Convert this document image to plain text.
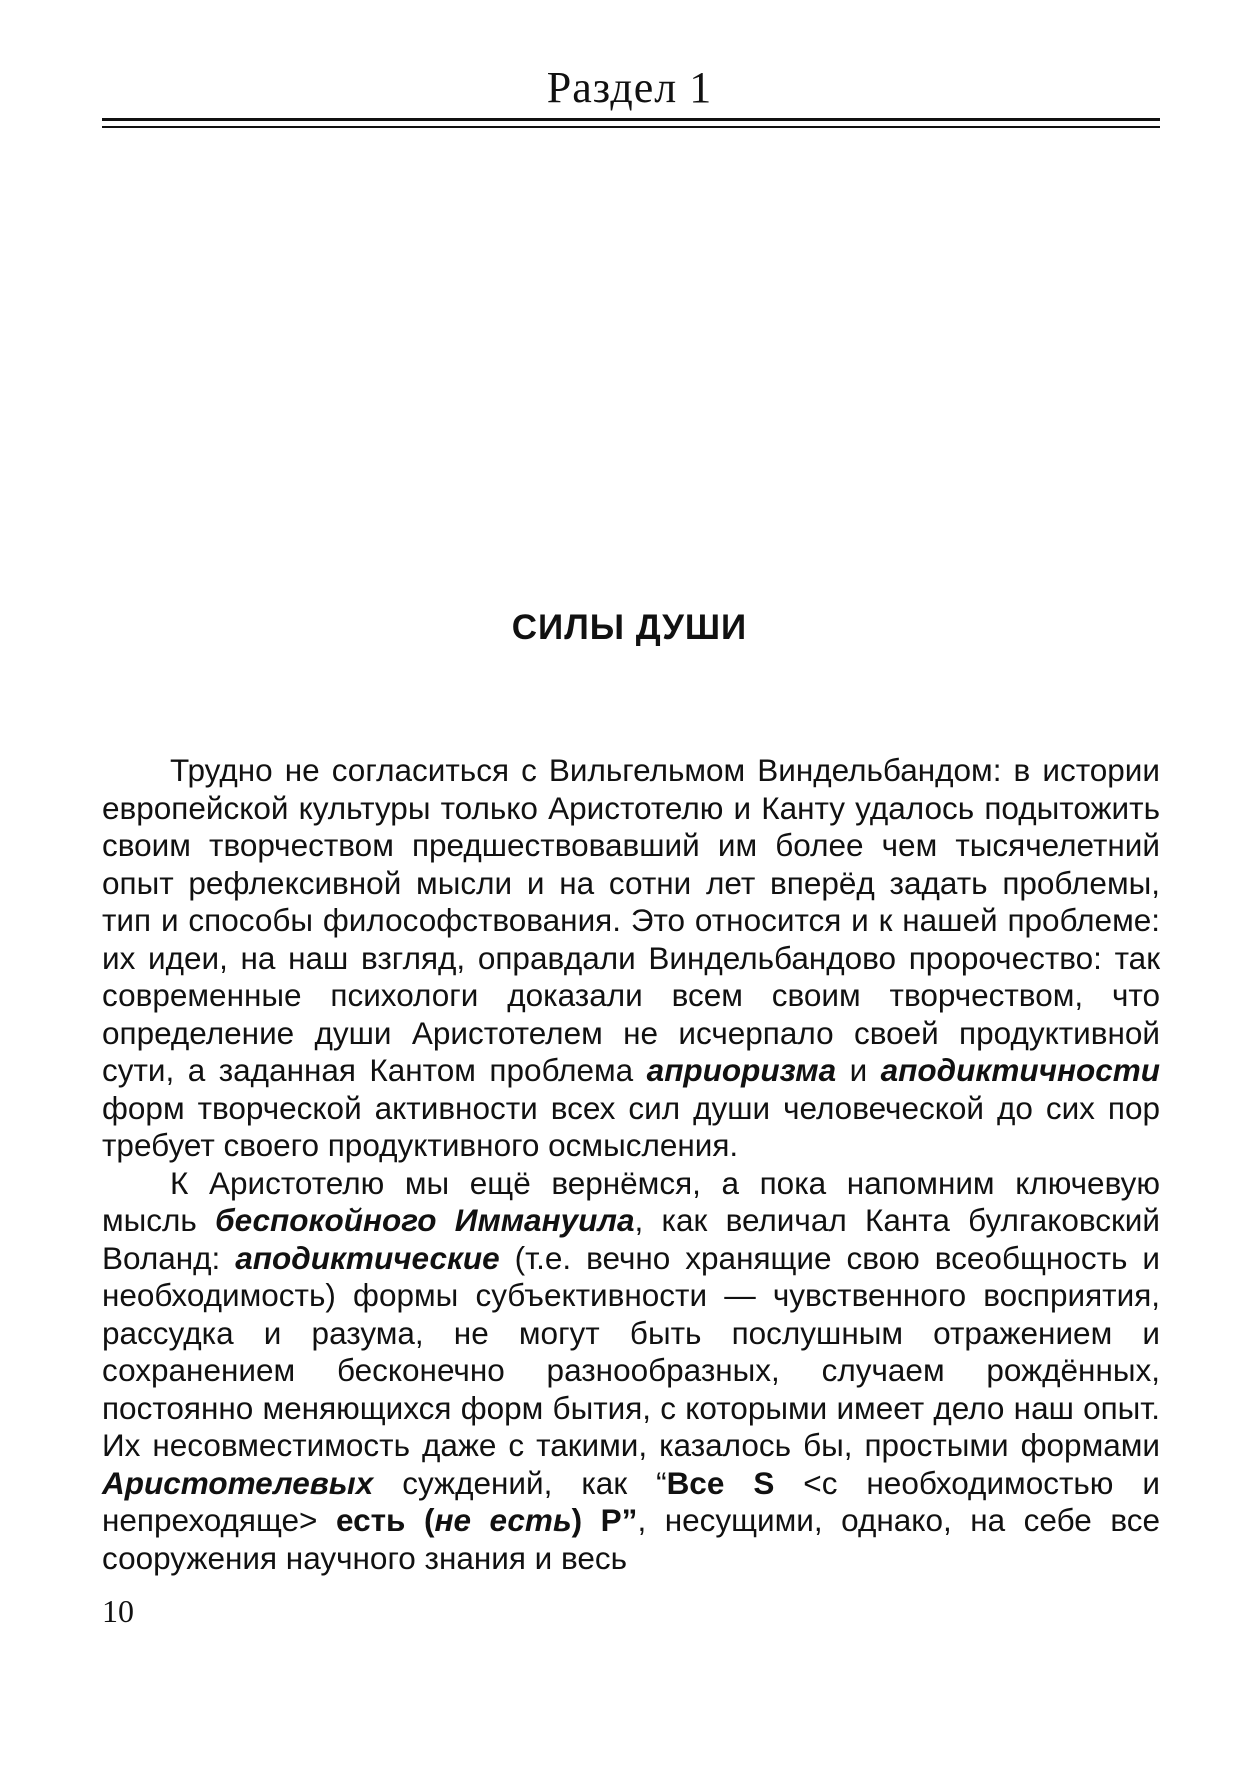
Раздел 1
СИЛЫ ДУШИ

Трудно не согласиться с Вильгельмом Виндельбандом: в истории европейской культуры только Аристотелю и Канту удалось подытожить своим творчеством предшествовавший им более чем тысячелетний опыт рефлексивной мысли и на сотни лет вперёд задать проблемы, тип и способы философствования. Это относится и к нашей проблеме: их идеи, на наш взгляд, оправдали Виндельбандово пророчество: так современные психологи доказали всем своим творчеством, что определение души Аристотелем не исчерпало своей продуктивной сути, а заданная Кантом проблема априоризма и аподиктичности форм творческой активности всех сил души человеческой до сих пор требует своего продуктивного осмысления.

К Аристотелю мы ещё вернёмся, а пока напомним ключевую мысль беспокойного Иммануила, как величал Канта булгаковский Воланд: аподиктические (т.е. вечно хранящие свою всеобщность и необходимость) формы субъективности — чувственного восприятия, рассудка и разума, не могут быть послушным отражением и сохранением бесконечно разнообразных, случаем рождённых, постоянно меняющихся форм бытия, с которыми имеет дело наш опыт. Их несовместимость даже с такими, казалось бы, простыми формами Аристотелевых суждений, как “Все S <с необходимостью и непреходяще> есть (не есть) P”, несущими, однако, на себе все сооружения научного знания и весь

10
